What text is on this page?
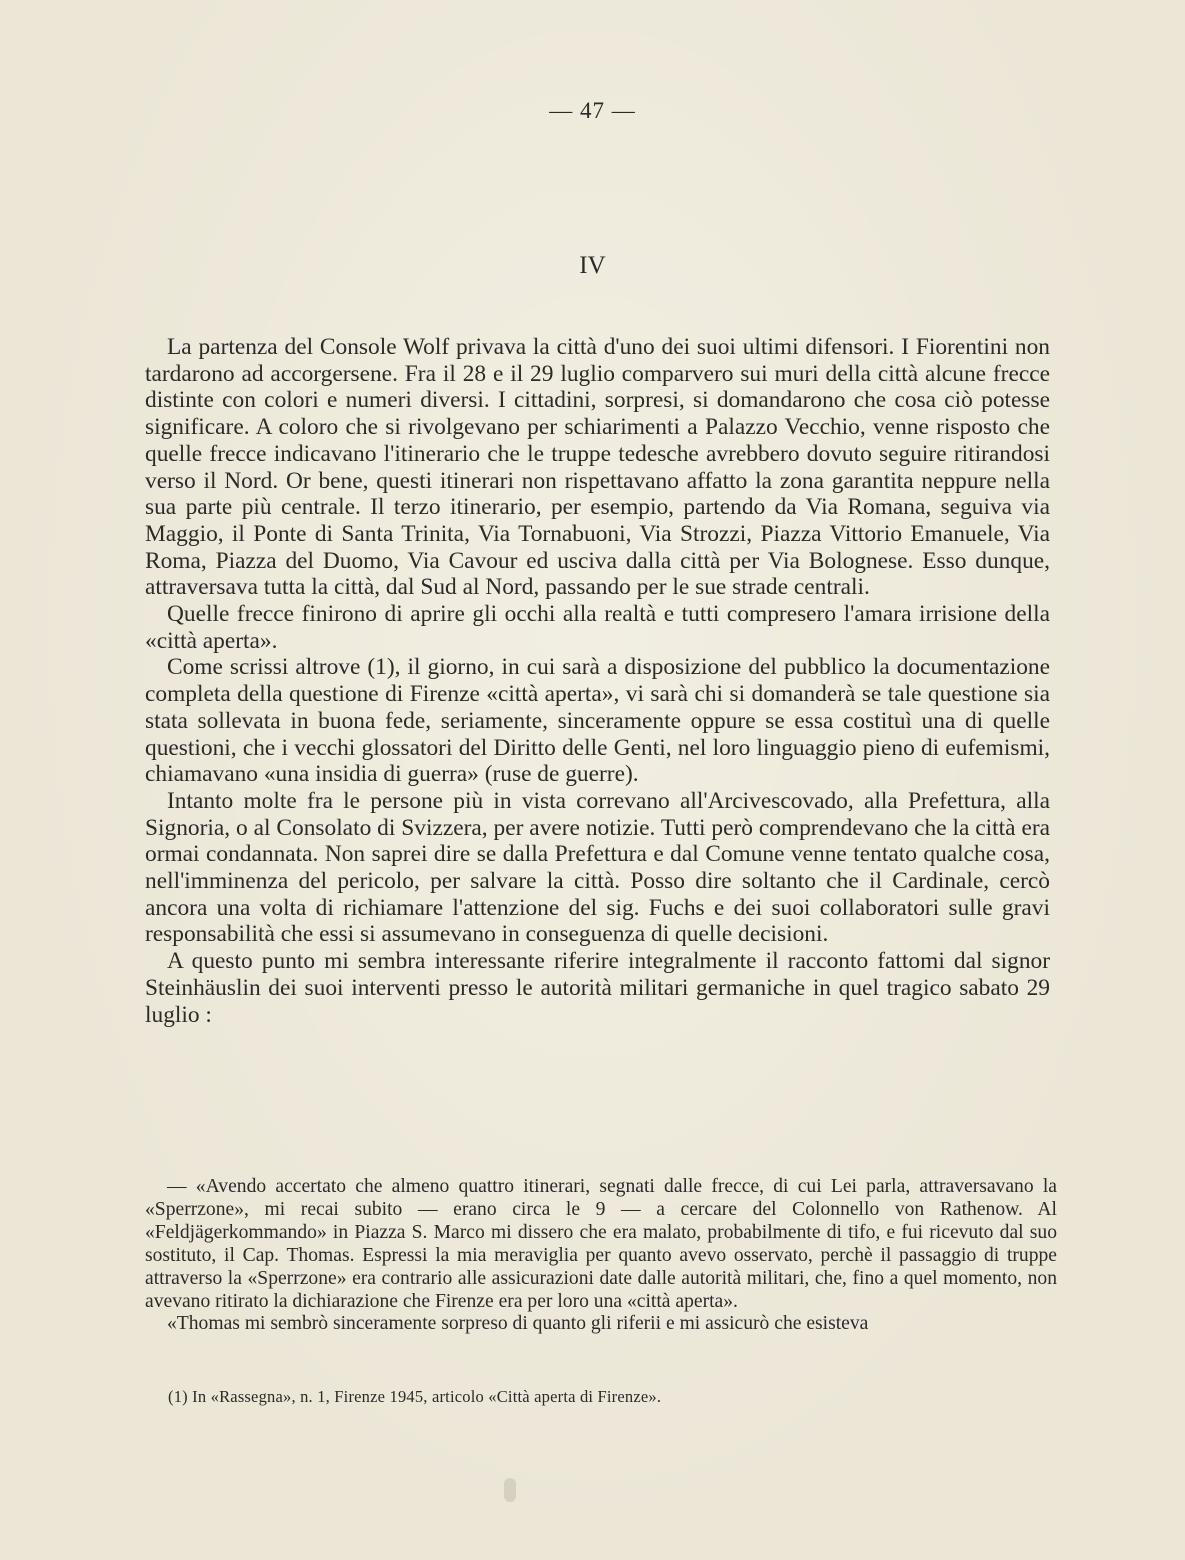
— 47 —
IV

La partenza del Console Wolf privava la città d'uno dei suoi ultimi difensori. I Fiorentini non tardarono ad accorgersene. Fra il 28 e il 29 luglio comparvero sui muri della città alcune frecce distinte con colori e numeri diversi. I cittadini, sorpresi, si domandarono che cosa ciò potesse significare. A coloro che si rivolgevano per schiarimenti a Palazzo Vecchio, venne risposto che quelle frecce indicavano l'itinerario che le truppe tedesche avrebbero dovuto seguire ritirandosi verso il Nord. Or bene, questi itinerari non rispettavano affatto la zona garantita neppure nella sua parte più centrale. Il terzo itinerario, per esempio, partendo da Via Romana, seguiva via Maggio, il Ponte di Santa Trinita, Via Tornabuoni, Via Strozzi, Piazza Vittorio Emanuele, Via Roma, Piazza del Duomo, Via Cavour ed usciva dalla città per Via Bolognese. Esso dunque, attraversava tutta la città, dal Sud al Nord, passando per le sue strade centrali.

Quelle frecce finirono di aprire gli occhi alla realtà e tutti compresero l'amara irrisione della «città aperta».

Come scrissi altrove (1), il giorno, in cui sarà a disposizione del pubblico la documentazione completa della questione di Firenze «città aperta», vi sarà chi si domanderà se tale questione sia stata sollevata in buona fede, seriamente, sinceramente oppure se essa costituì una di quelle questioni, che i vecchi glossatori del Diritto delle Genti, nel loro linguaggio pieno di eufemismi, chiamavano «una insidia di guerra» (ruse de guerre).

Intanto molte fra le persone più in vista correvano all'Arcivescovado, alla Prefettura, alla Signoria, o al Consolato di Svizzera, per avere notizie. Tutti però comprendevano che la città era ormai condannata. Non saprei dire se dalla Prefettura e dal Comune venne tentato qualche cosa, nell'imminenza del pericolo, per salvare la città. Posso dire soltanto che il Cardinale, cercò ancora una volta di richiamare l'attenzione del sig. Fuchs e dei suoi collaboratori sulle gravi responsabilità che essi si assumevano in conseguenza di quelle decisioni.

A questo punto mi sembra interessante riferire integralmente il racconto fattomi dal signor Steinhäuslin dei suoi interventi presso le autorità militari germaniche in quel tragico sabato 29 luglio :

— «Avendo accertato che almeno quattro itinerari, segnati dalle frecce, di cui Lei parla, attraversavano la «Sperrzone», mi recai subito — erano circa le 9 — a cercare del Colonnello von Rathenow. Al «Feldjägerkommando» in Piazza S. Marco mi dissero che era malato, probabilmente di tifo, e fui ricevuto dal suo sostituto, il Cap. Thomas. Espressi la mia meraviglia per quanto avevo osservato, perchè il passaggio di truppe attraverso la «Sperrzone» era contrario alle assicurazioni date dalle autorità militari, che, fino a quel momento, non avevano ritirato la dichiarazione che Firenze era per loro una «città aperta».

«Thomas mi sembrò sinceramente sorpreso di quanto gli riferii e mi assicurò che esisteva

(1) In «Rassegna», n. 1, Firenze 1945, articolo «Città aperta di Firenze».
